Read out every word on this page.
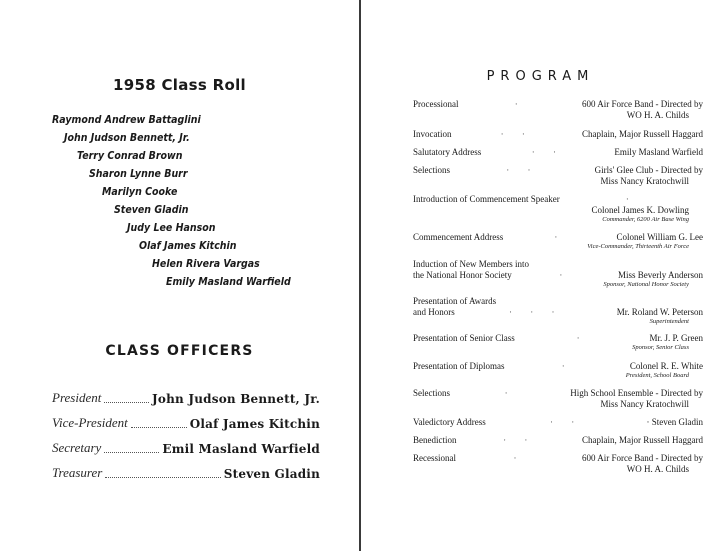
1958 Class Roll
Raymond Andrew Battaglini
John Judson Bennett, Jr.
Terry Conrad Brown
Sharon Lynne Burr
Marilyn Cooke
Steven Gladin
Judy Lee Hanson
Olaf James Kitchin
Helen Rivera Vargas
Emily Masland Warfield
CLASS OFFICERS
President	John Judson Bennett, Jr.
Vice-President	Olaf James Kitchin
Secretary	Emil Masland Warfield
Treasurer	Steven Gladin
PROGRAM
Processional	·	600 Air Force Band - Directed by
WO H. A. Childs
Invocation	· ·	Chaplain, Major Russell Haggard
Salutatory Address	· ·	Emily Masland Warfield
Selections	· ·	Girls' Glee Club - Directed by
Miss Nancy Kratochwill
Introduction of Commencement Speaker	·
Colonel James K. Dowling
Commander, 6200 Air Base Wing
Commencement Address	·	Colonel William G. Lee
Vice-Commander, Thirteenth Air Force
Induction of New Members into
the National Honor Society	·	Miss Beverly Anderson
Sponsor, National Honor Society
Presentation of Awards
and Honors	· · ·	Mr. Roland W. Peterson
Superintendent
Presentation of Senior Class	·	Mr. J. P. Green
Sponsor, Senior Class
Presentation of Diplomas	·	Colonel R. E. White
President, School Board
Selections	·	High School Ensemble - Directed by
Miss Nancy Kratochwill
Valedictory Address	· ·	· Steven Gladin
Benediction	· ·	Chaplain, Major Russell Haggard
Recessional	·	600 Air Force Band - Directed by
WO H. A. Childs
